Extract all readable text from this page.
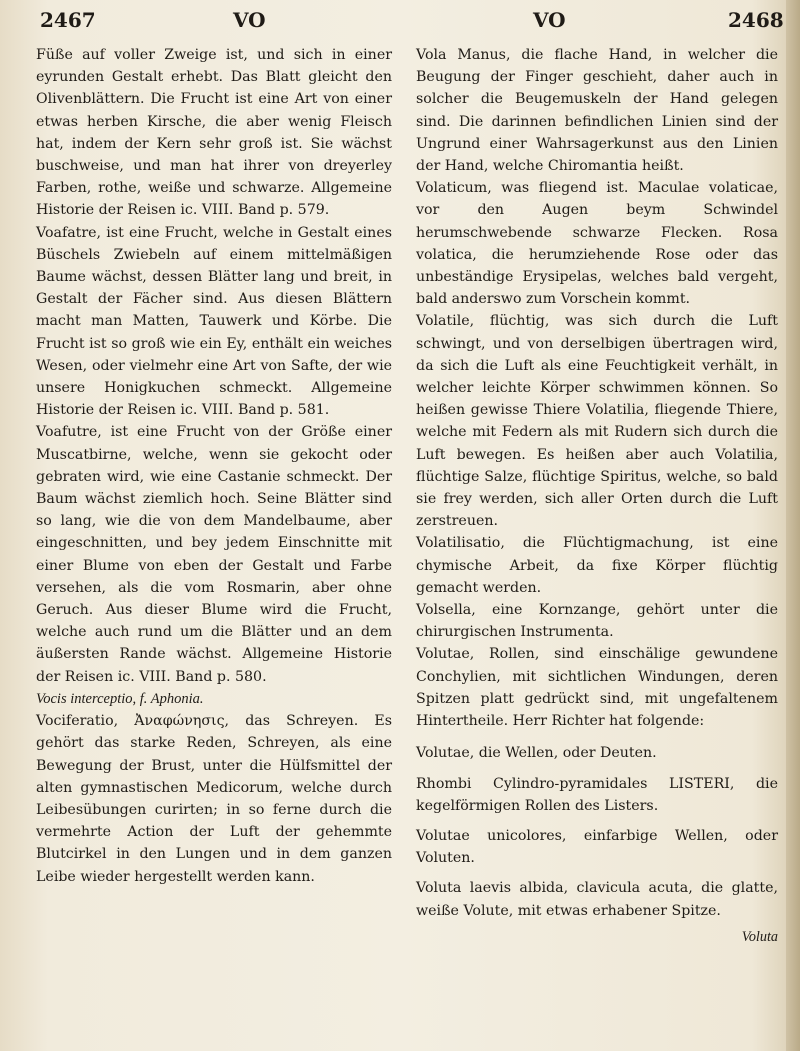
2467	VO	VO	2468

Füße auf voller Zweige ist, und sich in einer eyrunden Gestalt erhebt. Das Blatt gleicht den Olivenblättern. Die Frucht ist eine Art von einer etwas herben Kirsche, die aber wenig Fleisch hat, indem der Kern sehr groß ist. Sie wächst buschweise, und man hat ihrer von dreyerley Farben, rothe, weiße und schwarze. Allgemeine Historie der Reisen ic. VIII. Band p. 579.

Voafatre, ist eine Frucht, welche in Gestalt eines Büschels Zwiebeln auf einem mittelmäßigen Baume wächst, dessen Blätter lang und breit, in Gestalt der Fächer sind. Aus diesen Blättern macht man Matten, Tauwerk und Körbe. Die Frucht ist so groß wie ein Ey, enthält ein weiches Wesen, oder vielmehr eine Art von Safte, der wie unsere Honigkuchen schmeckt. Allgemeine Historie der Reisen ic. VIII. Band p. 581.

Voafutre, ist eine Frucht von der Größe einer Muscatbirne, welche, wenn sie gekocht oder gebraten wird, wie eine Castanie schmeckt. Der Baum wächst ziemlich hoch. Seine Blätter sind so lang, wie die von dem Mandelbaume, aber eingeschnitten, und bey jedem Einschnitte mit einer Blume von eben der Gestalt und Farbe versehen, als die vom Rosmarin, aber ohne Geruch. Aus dieser Blume wird die Frucht, welche auch rund um die Blätter und an dem äußersten Rande wächst. Allgemeine Historie der Reisen ic. VIII. Band p. 580.

Vocis interceptio, f. Aphonia.

Vociferatio, Ἀναφώνησις, das Schreyen. Es gehört das starke Reden, Schreyen, als eine Bewegung der Brust, unter die Hülfsmittel der alten gymnastischen Medicorum, welche durch Leibesübungen curirten; in so ferne durch die vermehrte Action der Luft der gehemmte Blutcirkel in den Lungen und in dem ganzen Leibe wieder hergestellt werden kann.

Vola Manus, die flache Hand, in welcher die Beugung der Finger geschieht, daher auch in solcher die Beugemuskeln der Hand gelegen sind. Die darinnen befindlichen Linien sind der Ungrund einer Wahrsagerkunst aus den Linien der Hand, welche Chiromantia heißt.

Volaticum, was fliegend ist. Maculae volaticae, vor den Augen beym Schwindel herumschwebende schwarze Flecken. Rosa volatica, die herumziehende Rose oder das unbeständige Erysipelas, welches bald vergeht, bald anderswo zum Vorschein kommt.

Volatile, flüchtig, was sich durch die Luft schwingt, und von derselbigen übertragen wird, da sich die Luft als eine Feuchtigkeit verhält, in welcher leichte Körper schwimmen können. So heißen gewisse Thiere Volatilia, fliegende Thiere, welche mit Federn als mit Rudern sich durch die Luft bewegen. Es heißen aber auch Volatilia, flüchtige Salze, flüchtige Spiritus, welche, so bald sie frey werden, sich aller Orten durch die Luft zerstreuen.

Volatilisatio, die Flüchtigmachung, ist eine chymische Arbeit, da fixe Körper flüchtig gemacht werden.

Volsella, eine Kornzange, gehört unter die chirurgischen Instrumenta.

Volutae, Rollen, sind einschälige gewundene Conchylien, mit sichtlichen Windungen, deren Spitzen platt gedrückt sind, mit ungefaltenem Hintertheile. Herr Richter hat folgende:

Volutae, die Wellen, oder Deuten.

Rhombi Cylindro-pyramidales LISTERI, die kegelförmigen Rollen des Listers.

Volutae unicolores, einfarbige Wellen, oder Voluten.

Voluta laevis albida, clavicula acuta, die glatte, weiße Volute, mit etwas erhabener Spitze.

Voluta
